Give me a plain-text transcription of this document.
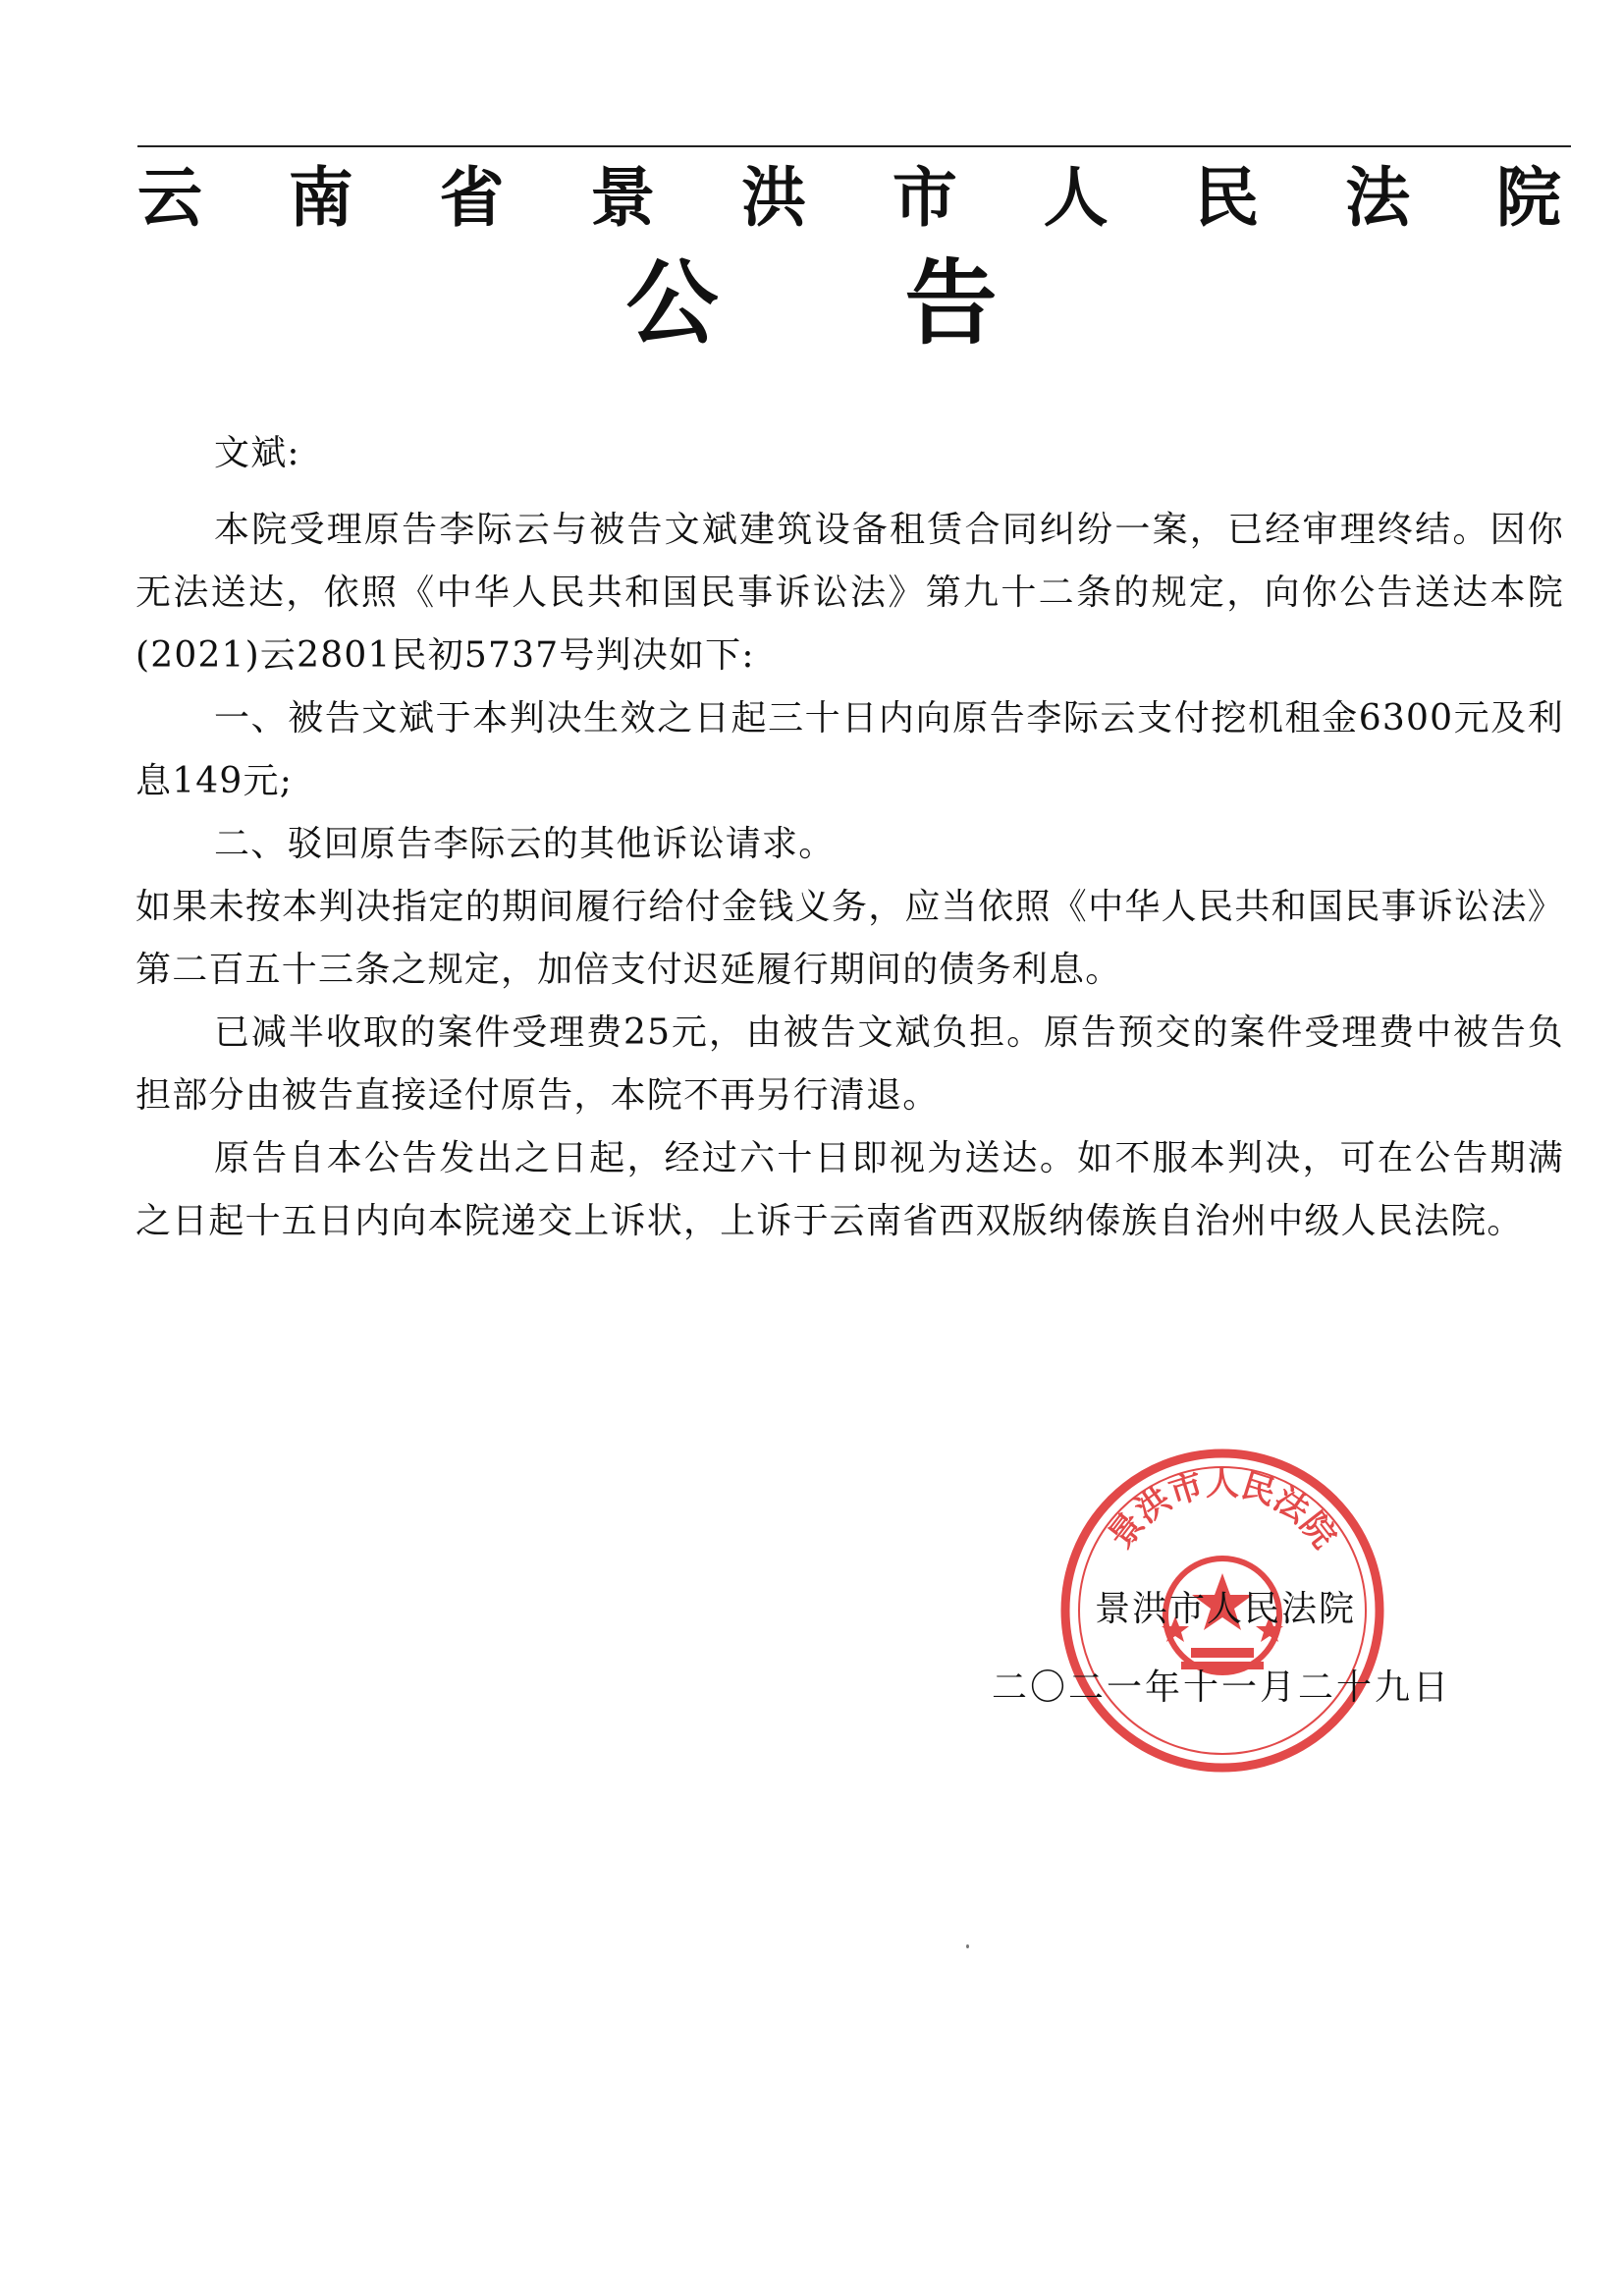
云 南 省 景 洪 市 人 民 法 院
公 告

文斌:

本院受理原告李际云与被告文斌建筑设备租赁合同纠纷一案，已经审理终结。因你无法送达，依照《中华人民共和国民事诉讼法》第九十二条的规定，向你公告送达本院(2021)云2801民初5737号判决如下:

一、被告文斌于本判决生效之日起三十日内向原告李际云支付挖机租金6300元及利息149元;

二、驳回原告李际云的其他诉讼请求。

如果未按本判决指定的期间履行给付金钱义务，应当依照《中华人民共和国民事诉讼法》第二百五十三条之规定，加倍支付迟延履行期间的债务利息。

已减半收取的案件受理费25元，由被告文斌负担。原告预交的案件受理费中被告负担部分由被告直接迳付原告，本院不再另行清退。

原告自本公告发出之日起，经过六十日即视为送达。如不服本判决，可在公告期满之日起十五日内向本院递交上诉状，上诉于云南省西双版纳傣族自治州中级人民法院。

景洪市人民法院
景洪市人民法院
二〇二一年十一月二十九日
